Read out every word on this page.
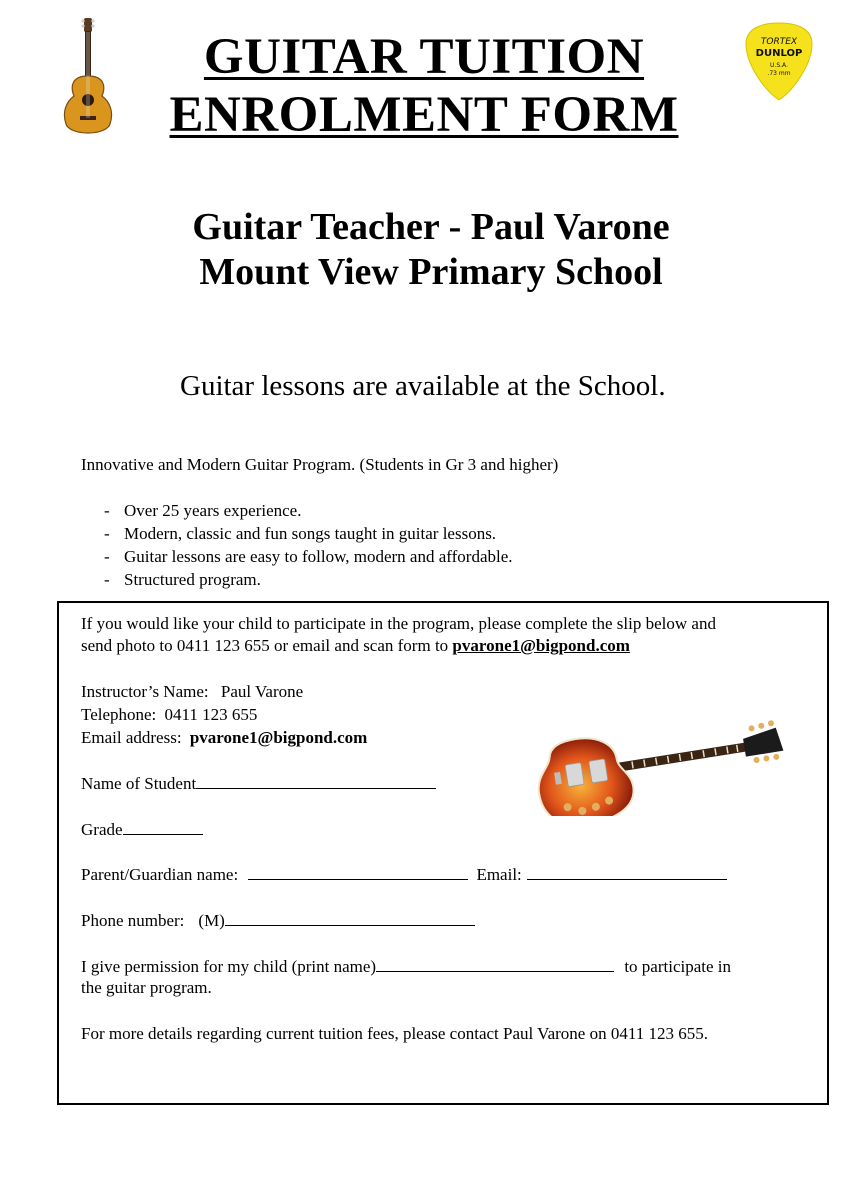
TORTEX
DUNLOP
U.S.A.
.73 mm
GUITAR TUITION
ENROLMENT FORM
Guitar Teacher - Paul Varone
Mount View Primary School
Guitar lessons are available at the School.
Innovative and Modern Guitar Program. (Students in Gr 3 and higher)
- Over 25 years experience.
- Modern, classic and fun songs taught in guitar lessons.
- Guitar lessons are easy to follow, modern and affordable.
- Structured program.
If you would like your child to participate in the program, please complete the slip below and
send photo to 0411 123 655 or email and scan form to pvarone1@bigpond.com
Instructor’s Name: Paul Varone
Telephone: 0411 123 655
Email address: pvarone1@bigpond.com
Name of Student
Grade
Parent/Guardian name:	Email:
Phone number: (M)
I give permission for my child (print name)	to participate in
the guitar program.
For more details regarding current tuition fees, please contact Paul Varone on 0411 123 655.
